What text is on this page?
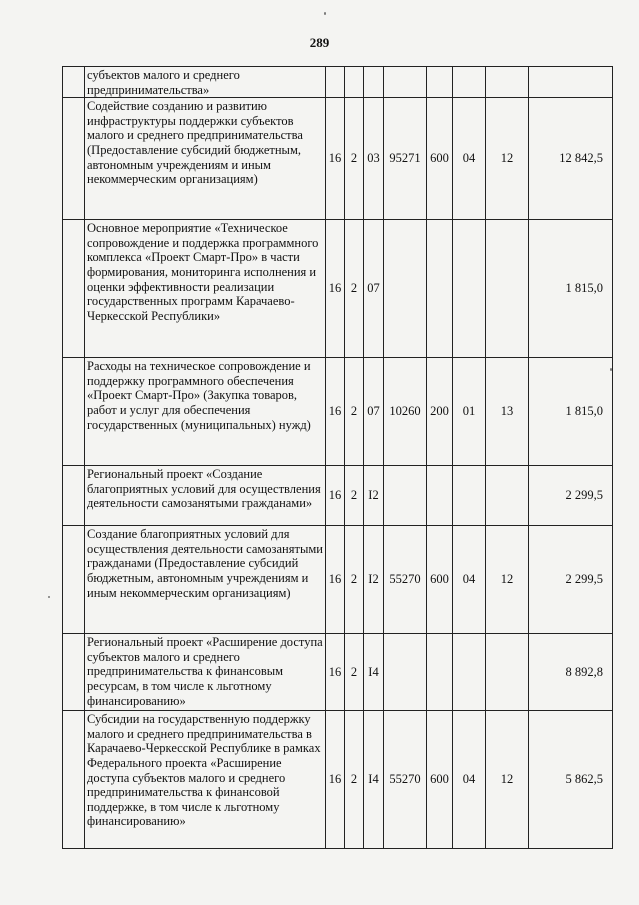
289
	субъектов малого и среднего предпринимательства»								
	Содействие созданию и развитию инфраструктуры поддержки субъектов малого и среднего предпринимательства (Предоставление субсидий бюджетным, автономным учреждениям и иным некоммерческим организациям)	16	2	03	95271	600	04	12	12 842,5
	Основное мероприятие «Техническое сопровождение и поддержка программного комплекса «Проект Смарт-Про» в части формирования, мониторинга исполнения и оценки эффективности реализации государственных программ Карачаево-Черкесской Республики»	16	2	07					1 815,0
	Расходы на техническое сопровождение и поддержку программного обеспечения «Проект Смарт-Про» (Закупка товаров, работ и услуг для обеспечения государственных (муниципальных) нужд)	16	2	07	10260	200	01	13	1 815,0
	Региональный проект «Создание благоприятных условий для осуществления деятельности самозанятыми гражданами»	16	2	I2					2 299,5
	Создание благоприятных условий для осуществления деятельности самозанятыми гражданами (Предоставление субсидий бюджетным, автономным учреждениям и иным некоммерческим организациям)	16	2	I2	55270	600	04	12	2 299,5
	Региональный проект «Расширение доступа субъектов малого и среднего предпринимательства к финансовым ресурсам, в том числе к льготному финансированию»	16	2	I4					8 892,8
	Субсидии на государственную поддержку малого и среднего предпринимательства в Карачаево-Черкесской Республике в рамках Федерального проекта «Расширение доступа субъектов малого и среднего предпринимательства к финансовой поддержке, в том числе к льготному финансированию»	16	2	I4	55270	600	04	12	5 862,5
